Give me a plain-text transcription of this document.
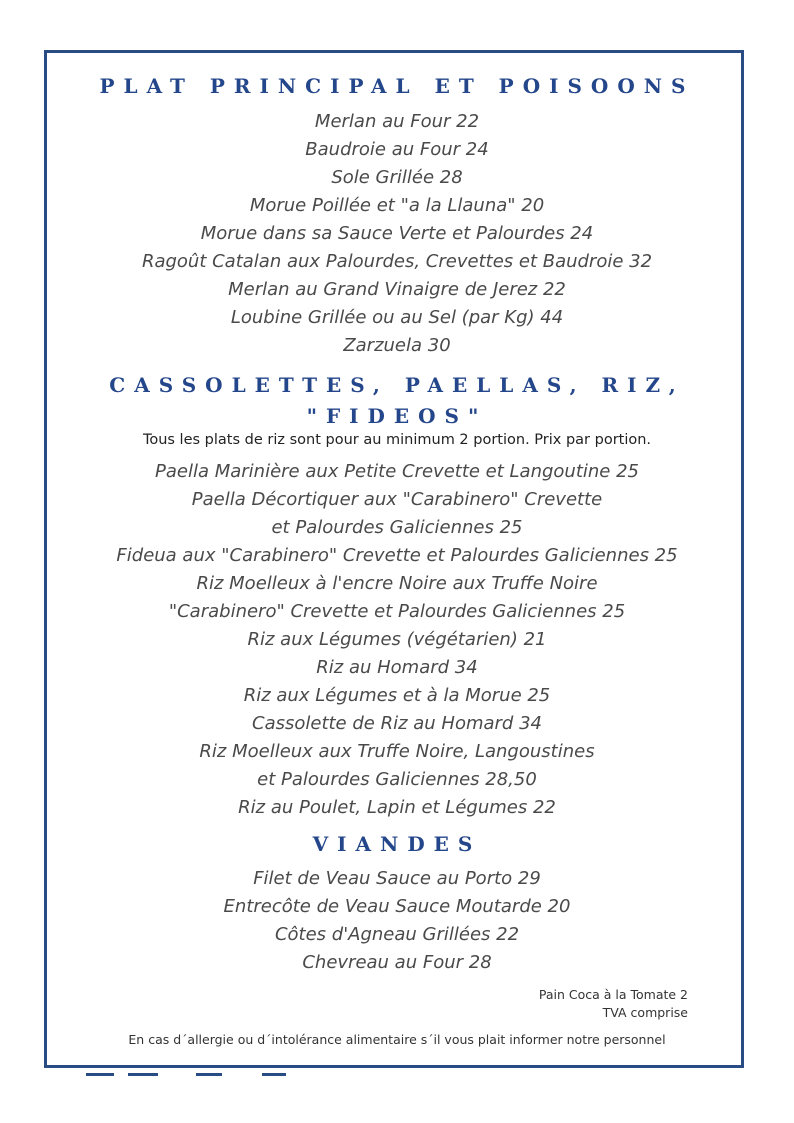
PLAT PRINCIPAL ET POISOONS
Merlan au Four 22
Baudroie au Four 24
Sole Grillée 28
Morue Poillée et "a la Llauna" 20
Morue dans sa Sauce Verte et Palourdes 24
Ragoût Catalan aux Palourdes, Crevettes et Baudroie 32
Merlan au Grand Vinaigre de Jerez 22
Loubine Grillée ou au Sel (par Kg) 44
Zarzuela 30
CASSOLETTES, PAELLAS, RIZ,
"FIDEOS"
Tous les plats de riz sont pour au minimum 2 portion. Prix par portion.
Paella Marinière aux Petite Crevette et Langoutine 25
Paella Décortiquer aux "Carabinero" Crevette
et Palourdes Galiciennes 25
Fideua aux "Carabinero" Crevette et Palourdes Galiciennes 25
Riz Moelleux à l'encre Noire aux Truffe Noire
"Carabinero" Crevette et Palourdes Galiciennes 25
Riz aux Légumes (végétarien) 21
Riz au Homard 34
Riz aux Légumes et à la Morue 25
Cassolette de Riz au Homard 34
Riz Moelleux aux Truffe Noire, Langoustines
et Palourdes Galiciennes 28,50
Riz au Poulet, Lapin et Légumes 22
VIANDES
Filet de Veau Sauce au Porto 29
Entrecôte de Veau Sauce Moutarde 20
Côtes d'Agneau Grillées 22
Chevreau au Four 28
Pain Coca à la Tomate 2
TVA comprise
En cas d´allergie ou d´intolérance alimentaire s´il vous plait informer notre personnel
